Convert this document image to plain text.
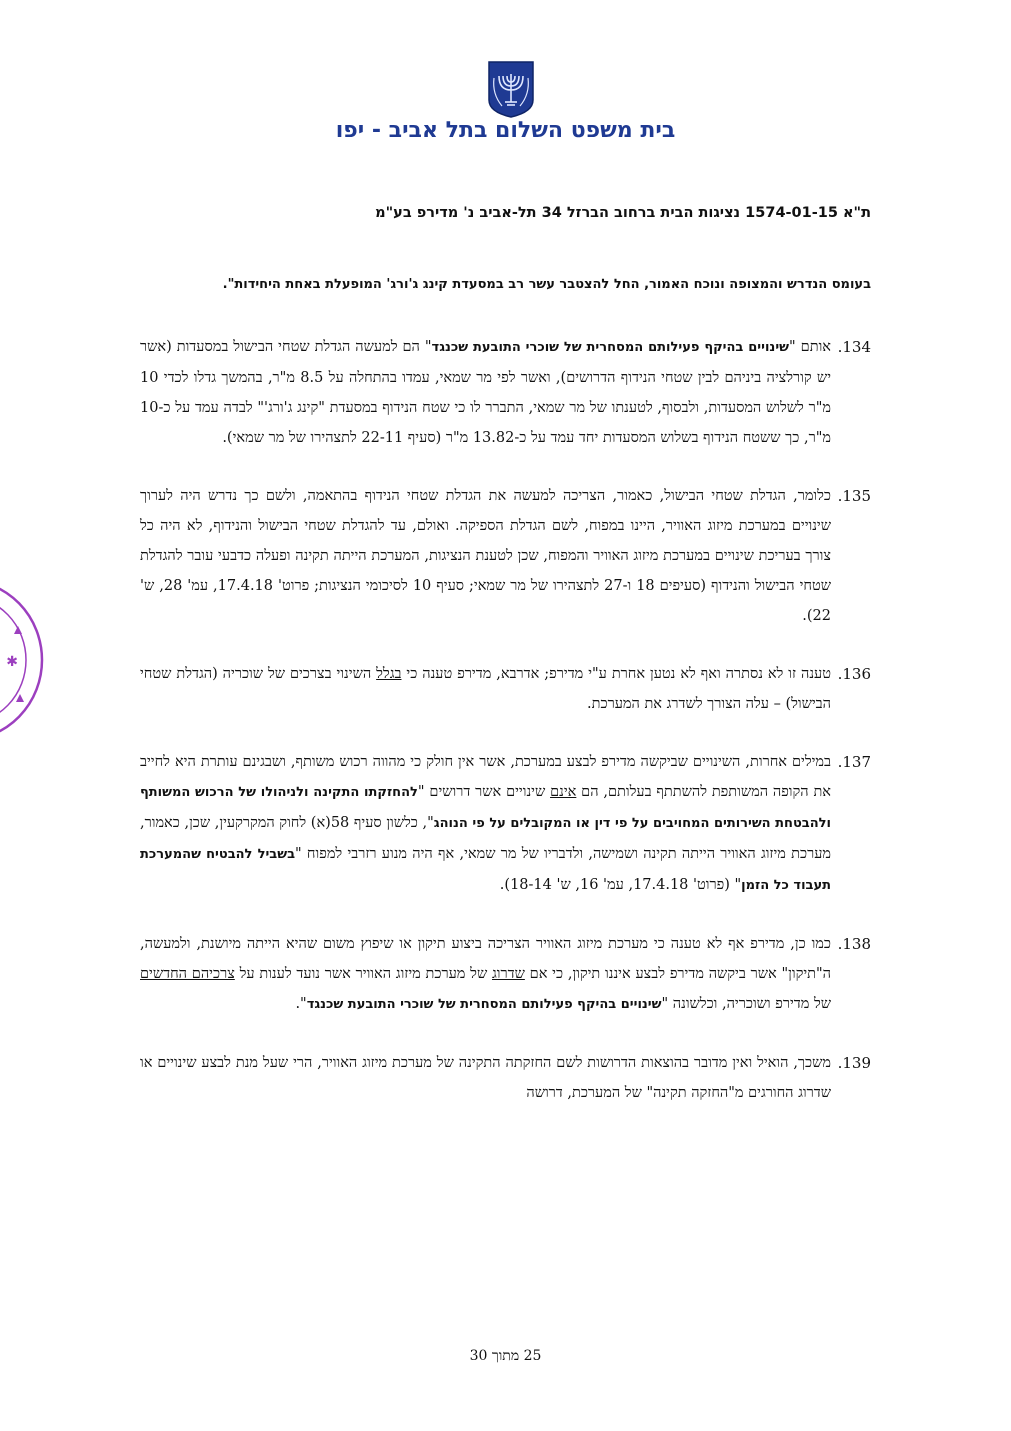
בית משפט השלום בתל אביב - יפו
ת"א 1574-01-15 נציגות הבית ברחוב הברזל 34 תל-אביב נ' מדירפ בע"מ

בעומס הנדרש והמצופה ונוכח האמור, החל להצטבר עשר רב במסעדת קינג ג'ורג' המופעלת באחת היחידות".

134.
אותם "שינויים בהיקף פעילותם המסחרית של שוכרי התובעת שכנגד" הם למעשה הגדלת שטחי הבישול במסעדות (אשר יש קורלציה ביניהם לבין שטחי הנידוף הדרושים), ואשר לפי מר שמאי, עמדו בהתחלה על 8.5 מ"ר, בהמשך גדלו לכדי 10 מ"ר לשלוש המסעדות, ולבסוף, לטענתו של מר שמאי, התברר לו כי שטח הנידוף במסעדת "קינג ג'ורג'" לבדה עמד על כ-10 מ"ר, כך ששטח הנידוף בשלוש המסעדות יחד עמד על כ-13.82 מ"ר (סעיף 22-11 לתצהירו של מר שמאי).

135.
כלומר, הגדלת שטחי הבישול, כאמור, הצריכה למעשה את הגדלת שטחי הנידוף בהתאמה, ולשם כך נדרש היה לערוך שינויים במערכת מיזוג האוויר, היינו במפוח, לשם הגדלת הספיקה. ואולם, עד להגדלת שטחי הבישול והנידוף, לא היה כל צורך בעריכת שינויים במערכת מיזוג האוויר והמפוח, שכן לטענת הנציגות, המערכת הייתה תקינה ופעלה כדבעי עובר להגדלת שטחי הבישול והנידוף (סעיפים 18 ו-27 לתצהירו של מר שמאי; סעיף 10 לסיכומי הנציגות; פרוט' 17.4.18, עמ' 28, ש' 22).

136.
טענה זו לא נסתרה ואף לא נטען אחרת ע"י מדירפ; אדרבא, מדירפ טענה כי בגלל השינוי בצרכים של שוכריה (הגדלת שטחי הבישול) – עלה הצורך לשדרג את המערכת.

137.
במילים אחרות, השינויים שביקשה מדירפ לבצע במערכת, אשר אין חולק כי מהווה רכוש משותף, ושבגינם עותרת היא לחייב את הקופה המשותפת להשתתף בעלותם, הם אינם שינויים אשר דרושים "להחזקתו התקינה ולניהולו של הרכוש המשותף ולהבטחת השירותים המחויבים על פי דין או המקובלים על פי הנוהג", כלשון סעיף 58(א) לחוק המקרקעין, שכן, כאמור, מערכת מיזוג האוויר הייתה תקינה ושמישה, ולדבריו של מר שמאי, אף היה מנוע רזרבי למפוח "בשביל להבטיח שהמערכת תעבוד כל הזמן" (פרוט' 17.4.18, עמ' 16, ש' 18-14).

138.
כמו כן, מדירפ אף לא טענה כי מערכת מיזוג האוויר הצריכה ביצוע תיקון או שיפוץ משום שהיא הייתה מיושנת, ולמעשה, ה"תיקון" אשר ביקשה מדירפ לבצע איננו תיקון, כי אם שדרוג של מערכת מיזוג האוויר אשר נועד לענות על צרכיהם החדשים של מדירפ ושוכריה, וכלשונה "שינויים בהיקף פעילותם המסחרית של שוכרי התובעת שכנגד".

139.
משכך, הואיל ואין מדובר בהוצאות הדרושות לשם החזקתה התקינה של מערכת מיזוג האוויר, הרי שעל מנת לבצע שינויים או שדרוג החורגים מ"החזקה תקינה" של המערכת, דרושה

✱

25 מתוך 30
